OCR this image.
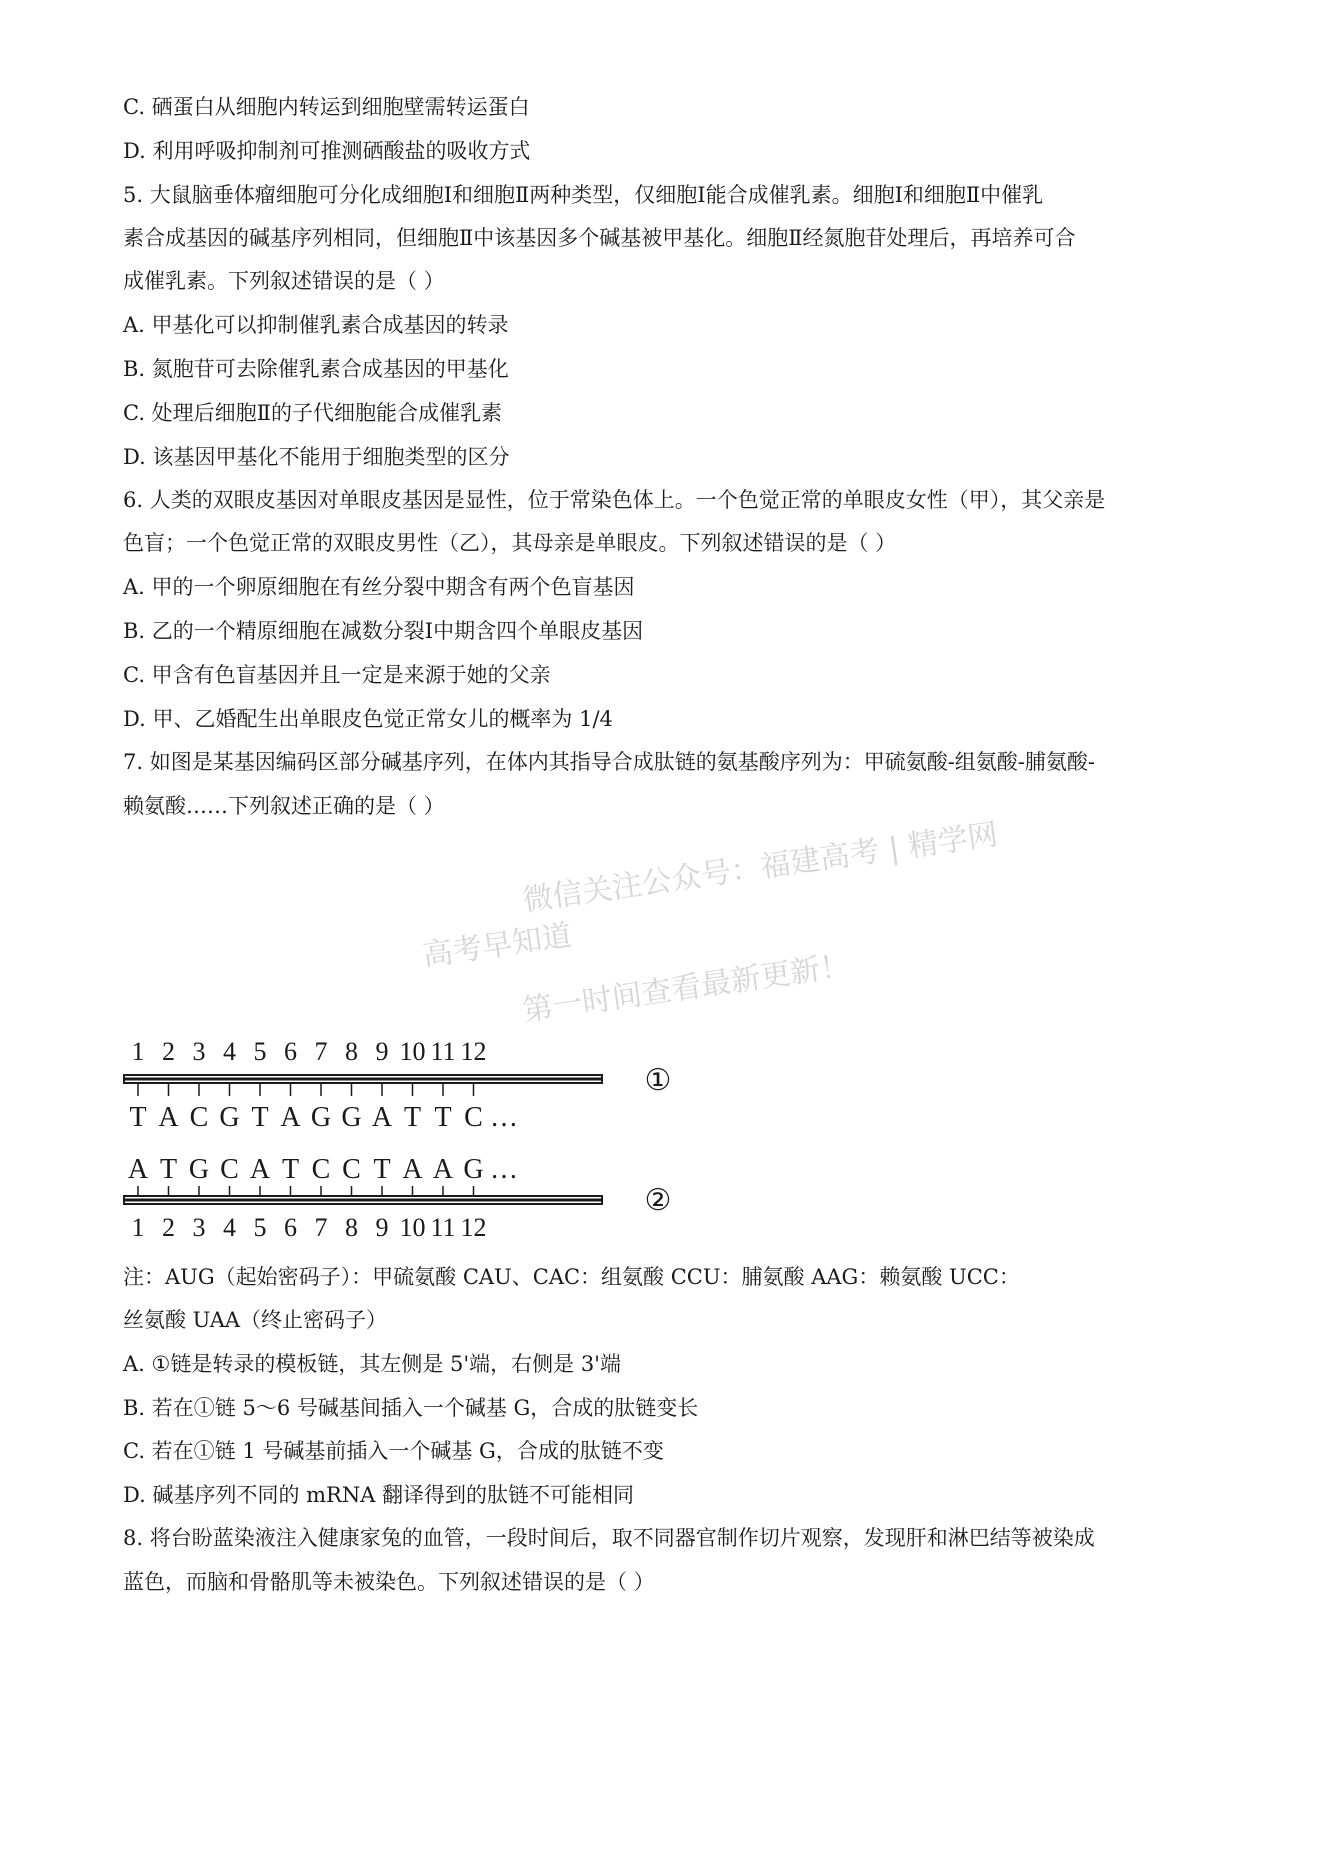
C. 硒蛋白从细胞内转运到细胞壁需转运蛋白
D. 利用呼吸抑制剂可推测硒酸盐的吸收方式
5. 大鼠脑垂体瘤细胞可分化成细胞Ⅰ和细胞Ⅱ两种类型，仅细胞Ⅰ能合成催乳素。细胞Ⅰ和细胞Ⅱ中催乳
素合成基因的碱基序列相同，但细胞Ⅱ中该基因多个碱基被甲基化。细胞Ⅱ经氮胞苷处理后，再培养可合
成催乳素。下列叙述错误的是（ ）
A. 甲基化可以抑制催乳素合成基因的转录
B. 氮胞苷可去除催乳素合成基因的甲基化
C. 处理后细胞Ⅱ的子代细胞能合成催乳素
D. 该基因甲基化不能用于细胞类型的区分
6. 人类的双眼皮基因对单眼皮基因是显性，位于常染色体上。一个色觉正常的单眼皮女性（甲），其父亲是
色盲；一个色觉正常的双眼皮男性（乙），其母亲是单眼皮。下列叙述错误的是（ ）
A. 甲的一个卵原细胞在有丝分裂中期含有两个色盲基因
B. 乙的一个精原细胞在减数分裂Ⅰ中期含四个单眼皮基因
C. 甲含有色盲基因并且一定是来源于她的父亲
D. 甲、乙婚配生出单眼皮色觉正常女儿的概率为 1/4
7. 如图是某基因编码区部分碱基序列，在体内其指导合成肽链的氨基酸序列为：甲硫氨酸-组氨酸-脯氨酸-
赖氨酸……下列叙述正确的是（ ）
微信关注公众号：福建高考 | 精学网
高考早知道
第一时间查看最新更新！
1 2 3 4 5 6 7 8 9 10 11 12
①
T A C G T A G G A T T C …
A T G C A T C C T A A G …
1 2 3 4 5 6 7 8 9 10 11 12
②
注：AUG（起始密码子）：甲硫氨酸 CAU、CAC：组氨酸 CCU：脯氨酸 AAG：赖氨酸 UCC：
丝氨酸 UAA（终止密码子）
A. ①链是转录的模板链，其左侧是 5'端，右侧是 3'端
B. 若在①链 5～6 号碱基间插入一个碱基 G，合成的肽链变长
C. 若在①链 1 号碱基前插入一个碱基 G，合成的肽链不变
D. 碱基序列不同的 mRNA 翻译得到的肽链不可能相同
8. 将台盼蓝染液注入健康家兔的血管，一段时间后，取不同器官制作切片观察，发现肝和淋巴结等被染成
蓝色，而脑和骨骼肌等未被染色。下列叙述错误的是（ ）
